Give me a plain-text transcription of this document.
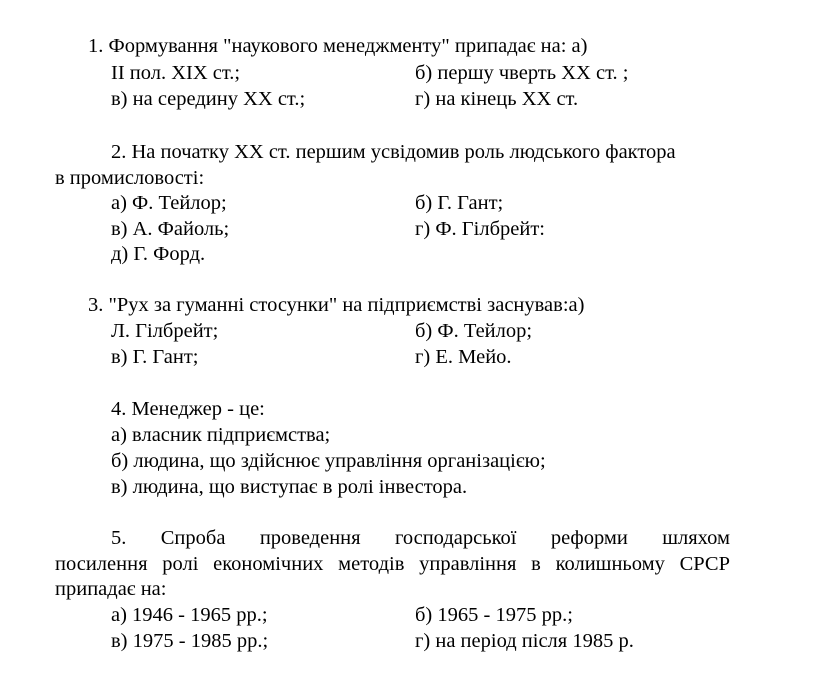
1. Формування "наукового менеджменту" припадає на: а)
II пол. XIX ст.;	б) першу чверть XX ст. ;
в) на середину XX ст.;	г) на кінець XX ст.
2. На початку XX ст. першим усвідомив роль людського фактора
в промисловості:
а) Ф. Тейлор;	б) Г. Гант;
в) А. Файоль;	г) Ф. Гілбрейт:
д) Г. Форд.
3. "Рух за гуманні стосунки" на підприємстві заснував:а)
Л. Гілбрейт;	б) Ф. Тейлор;
в) Г. Гант;	г) Е. Мейо.
4. Менеджер - це:
а) власник підприємства;
б) людина, що здійснює управління організацією;
в) людина, що виступає в ролі інвестора.
5. Спроба проведення господарської реформи шляхом
посилення ролі економічних методів управління в колишньому СРСР
припадає на:
а) 1946 - 1965 рр.;	б) 1965 - 1975 рр.;
в) 1975 - 1985 рр.;	г) на період після 1985 р.
